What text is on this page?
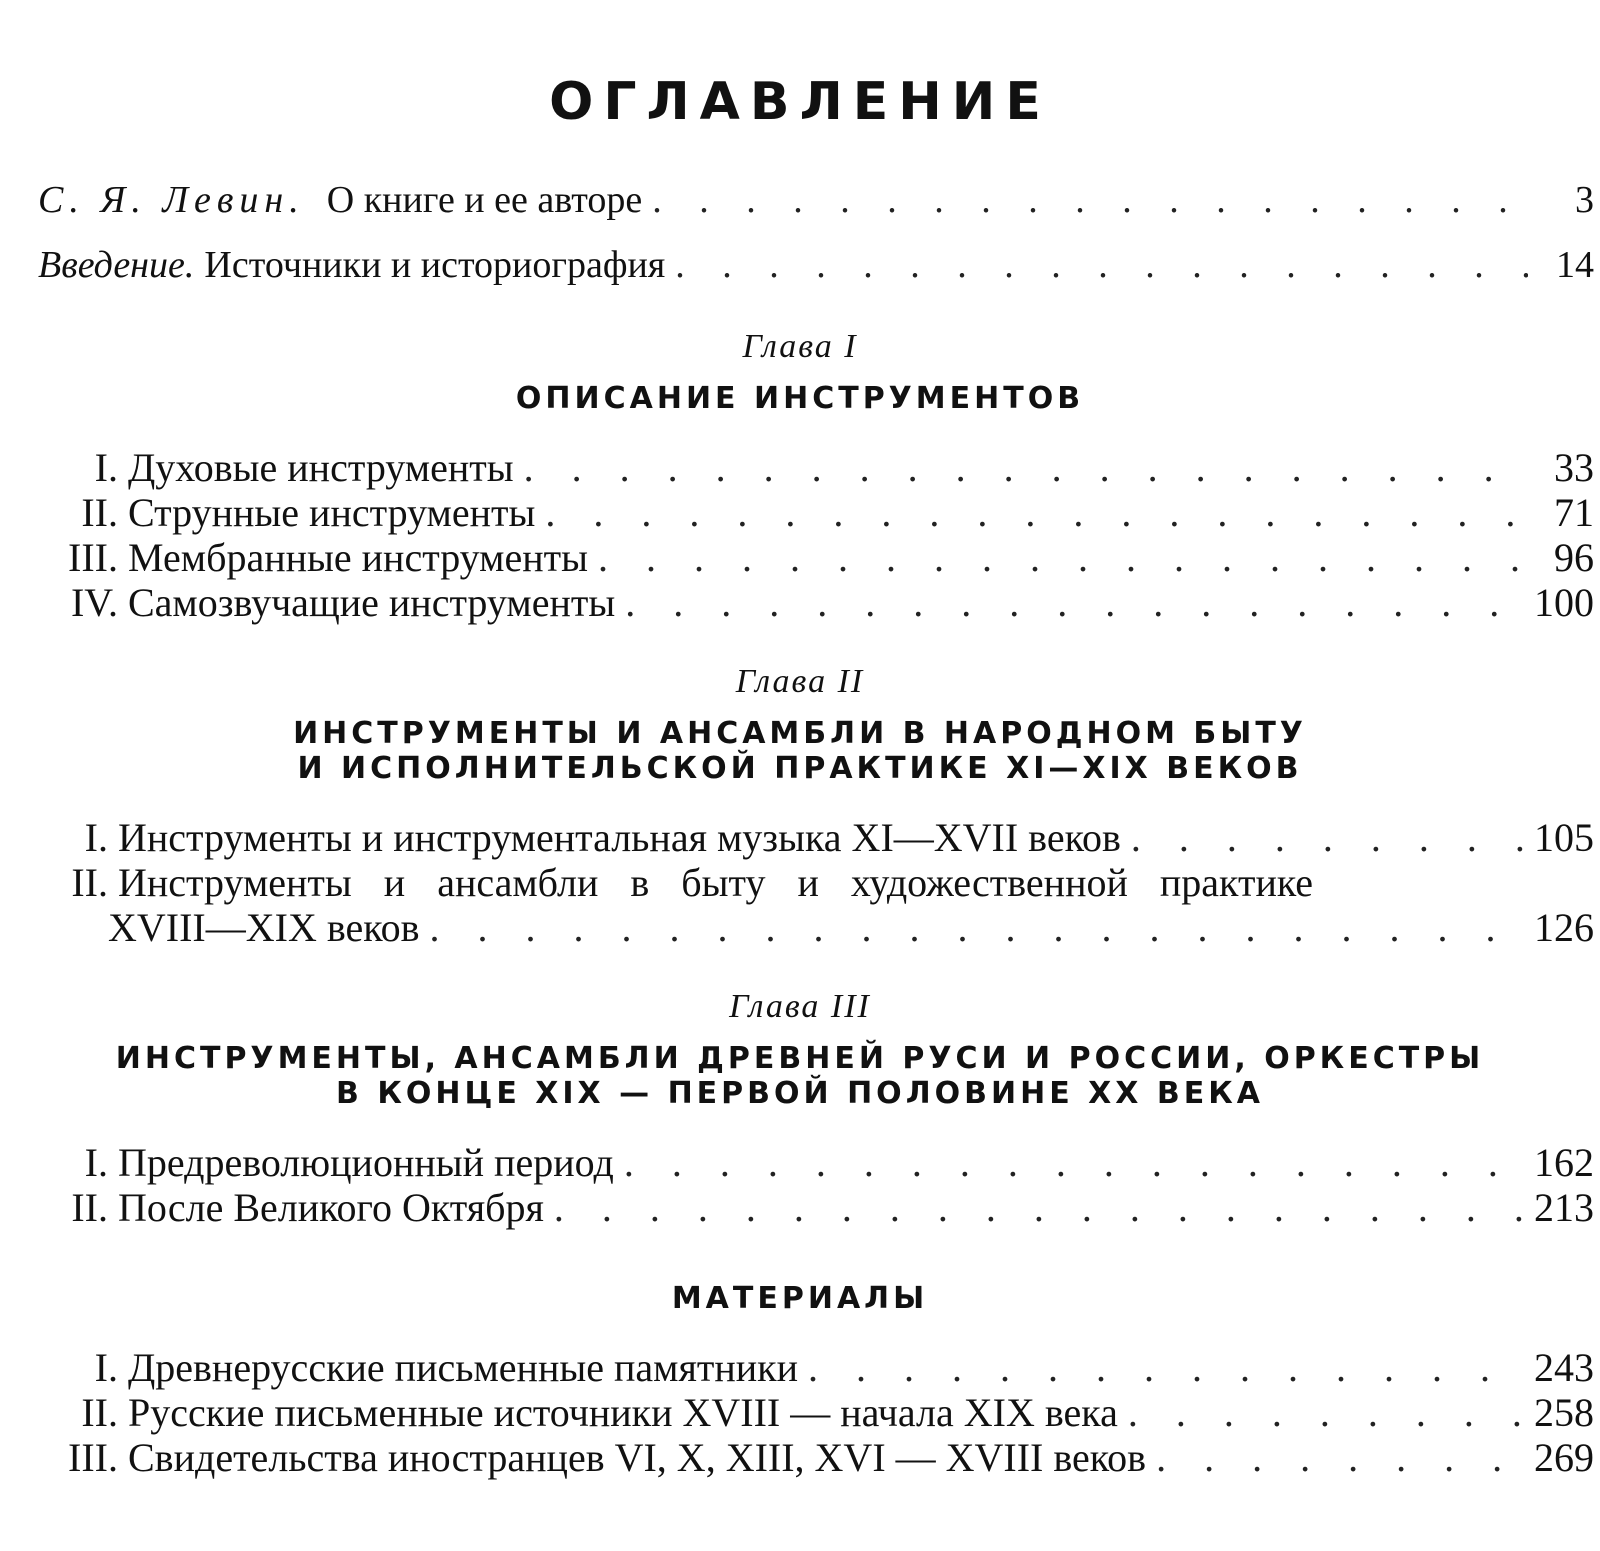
ОГЛАВЛЕНИЕ
С. Я. Левин. О книге и ее авторе . . .	3
Введение. Источники и историография . . .	14
Глава I
ОПИСАНИЕ ИНСТРУМЕНТОВ
I. Духовые инструменты . . .	33
II. Струнные инструменты . . .	71
III. Мембранные инструменты . . .	96
IV. Самозвучащие инструменты . . .	100
Глава II
ИНСТРУМЕНТЫ И АНСАМБЛИ В НАРОДНОМ БЫТУ
И ИСПОЛНИТЕЛЬСКОЙ ПРАКТИКЕ XI—XIX ВЕКОВ
I. Инструменты и инструментальная музыка XI—XVII веков . . .	105
II. Инструменты и ансамбли в быту и художественной практике
XVIII—XIX веков . . .	126
Глава III
ИНСТРУМЕНТЫ, АНСАМБЛИ ДРЕВНЕЙ РУСИ И РОССИИ, ОРКЕСТРЫ
В КОНЦЕ XIX — ПЕРВОЙ ПОЛОВИНЕ XX ВЕКА
I. Предреволюционный период . . .	162
II. После Великого Октября . . .	213
МАТЕРИАЛЫ
I. Древнерусские письменные памятники . . .	243
II. Русские письменные источники XVIII — начала XIX века . . .	258
III. Свидетельства иностранцев VI, X, XIII, XVI — XVIII веков . . .	269
